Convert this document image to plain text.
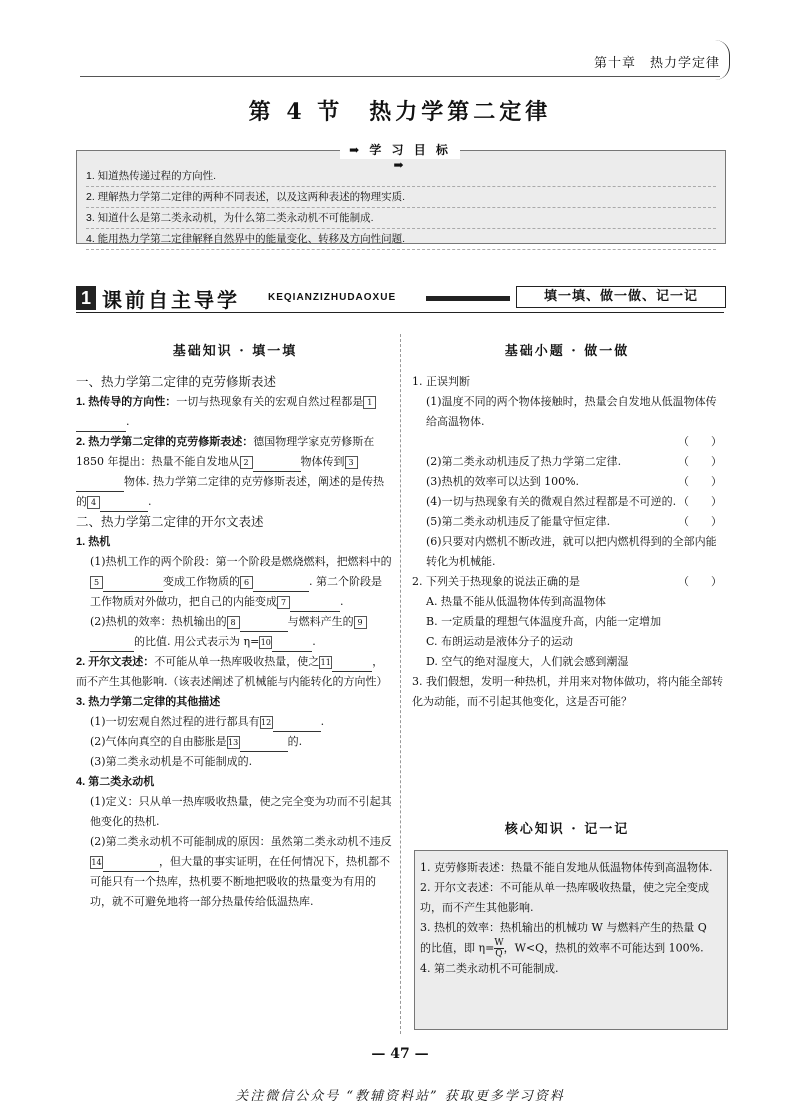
第十章　热力学定律
第 4 节　热力学第二定律
➡ 学 习 目 标 ➡
1. 知道热传递过程的方向性.
2. 理解热力学第二定律的两种不同表述，以及这两种表述的物理实质.
3. 知道什么是第二类永动机，为什么第二类永动机不可能制成.
4. 能用热力学第二定律解释自然界中的能量变化、转移及方向性问题.
1 课前自主导学	KEQIANZIZHUDAOXUE	填一填、做一做、记一记
基础知识 · 填一填

一、热力学第二定律的克劳修斯表述

1. 热传导的方向性：一切与热现象有关的宏观自然过程都是 1.

2. 热力学第二定律的克劳修斯表述：德国物理学家克劳修斯在 1850 年提出：热量不能自发地从 2	物体传到 3物体. 热力学第二定律的克劳修斯表述，阐述的是传热的 4	.

二、热力学第二定律的开尔文表述

1. 热机

(1)热机工作的两个阶段：第一个阶段是燃烧燃料，把燃料中的5	变成工作物质的 6	. 第二个阶段是工作物质对外做功，把自己的内能变成 7	.

(2)热机的效率：热机输出的 8	与燃料产生的 9的比值. 用公式表示为 η=10	.

2. 开尔文表述：不可能从单一热库吸收热量，使之11	，而不产生其他影响.（该表述阐述了机械能与内能转化的方向性）

3. 热力学第二定律的其他描述

(1)一切宏观自然过程的进行都具有12	.

(2)气体向真空的自由膨胀是13	的.

(3)第二类永动机是不可能制成的.

4. 第二类永动机

(1)定义：只从单一热库吸收热量，使之完全变为功而不引起其他变化的热机.

(2)第二类永动机不可能制成的原因：虽然第二类永动机不违反14	，但大量的事实证明，在任何情况下，热机都不可能只有一个热库，热机要不断地把吸收的热量变为有用的功，就不可避免地将一部分热量传给低温热库.

基础小题 · 做一做

1. 正误判断

(1)温度不同的两个物体接触时，热量会自发地从低温物体传给高温物体.
（　　）
(2)第二类永动机违反了热力学第二定律.	（　　）
(3)热机的效率可以达到 100%.	（　　）
(4)一切与热现象有关的微观自然过程都是不可逆的. （　　）
(5)第二类永动机违反了能量守恒定律.	（　　）
(6)只要对内燃机不断改进，就可以把内燃机得到的全部内能转化为机械能.
2. 下列关于热现象的说法正确的是	（　　）

A. 热量不能从低温物体传到高温物体

B. 一定质量的理想气体温度升高，内能一定增加

C. 布朗运动是液体分子的运动

D. 空气的绝对湿度大，人们就会感到潮湿

3. 我们假想，发明一种热机，并用来对物体做功，将内能全部转化为动能，而不引起其他变化，这是否可能？

核心知识 · 记一记

1. 克劳修斯表述：热量不能自发地从低温物体传到高温物体.

2. 开尔文表述：不可能从单一热库吸收热量，使之完全变成功，而不产生其他影响.

3. 热机的效率：热机输出的机械功 W 与燃料产生的热量 Q 的比值，即 $\eta= \frac{W}{Q}$ ，W<Q，热机的效率不可能达到 100%.

4. 第二类永动机不可能制成.

— 47 —
关注微信公众号 “教辅资料站” 获取更多学习资料
